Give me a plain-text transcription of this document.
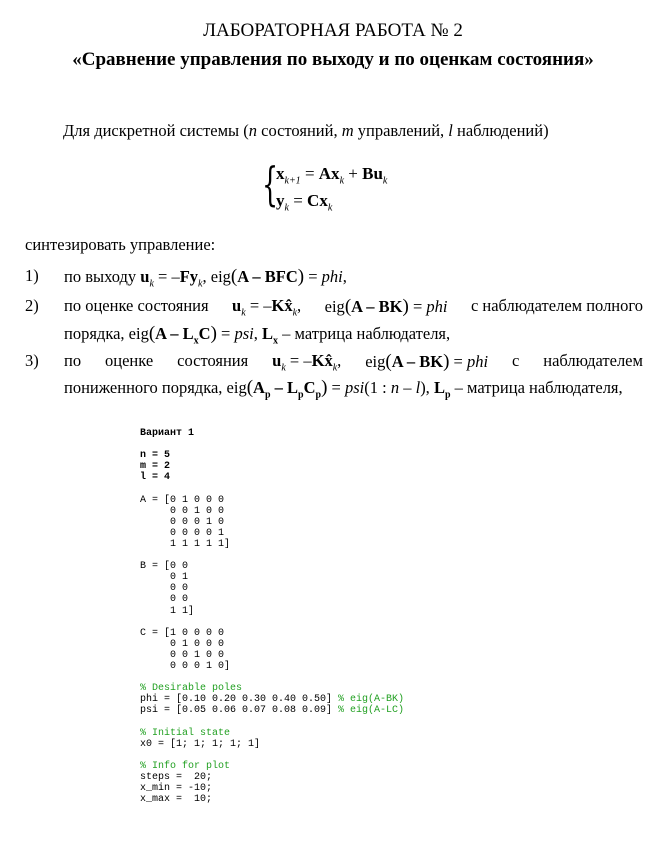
ЛАБОРАТОРНАЯ РАБОТА № 2
«Сравнение управления по выходу и по оценкам состояния»
Для дискретной системы (n состояний, m управлений, l наблюдений)
{
$x_{k+1} = Ax_k + Bu_k$
$y_k = Cx_k$
синтезировать управление:
1) по выходу $u_k = -Fy_k$, eig(A – BFC) = phi,
2) по оценке состояния $u_k$ = $-Kx̂_k$, eig(A – BK) = phi с наблюдателем полного
порядка, $eig(A - L_xC)$ = psi, $L_x$ – матрица наблюдателя,
3) по оценке состояния $u_k$ = $-Kx̂_k$, eig(A – BK) = phi с наблюдателем
пониженного порядка, $eig(A_p - L_pC_p) = psi(1$ : n – l), $L_p$ – матрица наблюдателя,
Вариант 1

n = 5
m = 2
l = 4

A = [0 1 0 0 0
0 0 1 0 0
0 0 0 1 0
0 0 0 0 1
1 1 1 1 1]

B = [0 0
0 1
0 0
0 0
1 1]

C = [1 0 0 0 0
0 1 0 0 0
0 0 1 0 0
0 0 0 1 0]

% Desirable poles
phi = [0.10 0.20 0.30 0.40 0.50] % eig(A-BK)
psi = [0.05 0.06 0.07 0.08 0.09] % eig(A-LC)

% Initial state
x0 = [1; 1; 1; 1; 1]

% Info for plot
steps =  20;
x_min = -10;
x_max =  10;
